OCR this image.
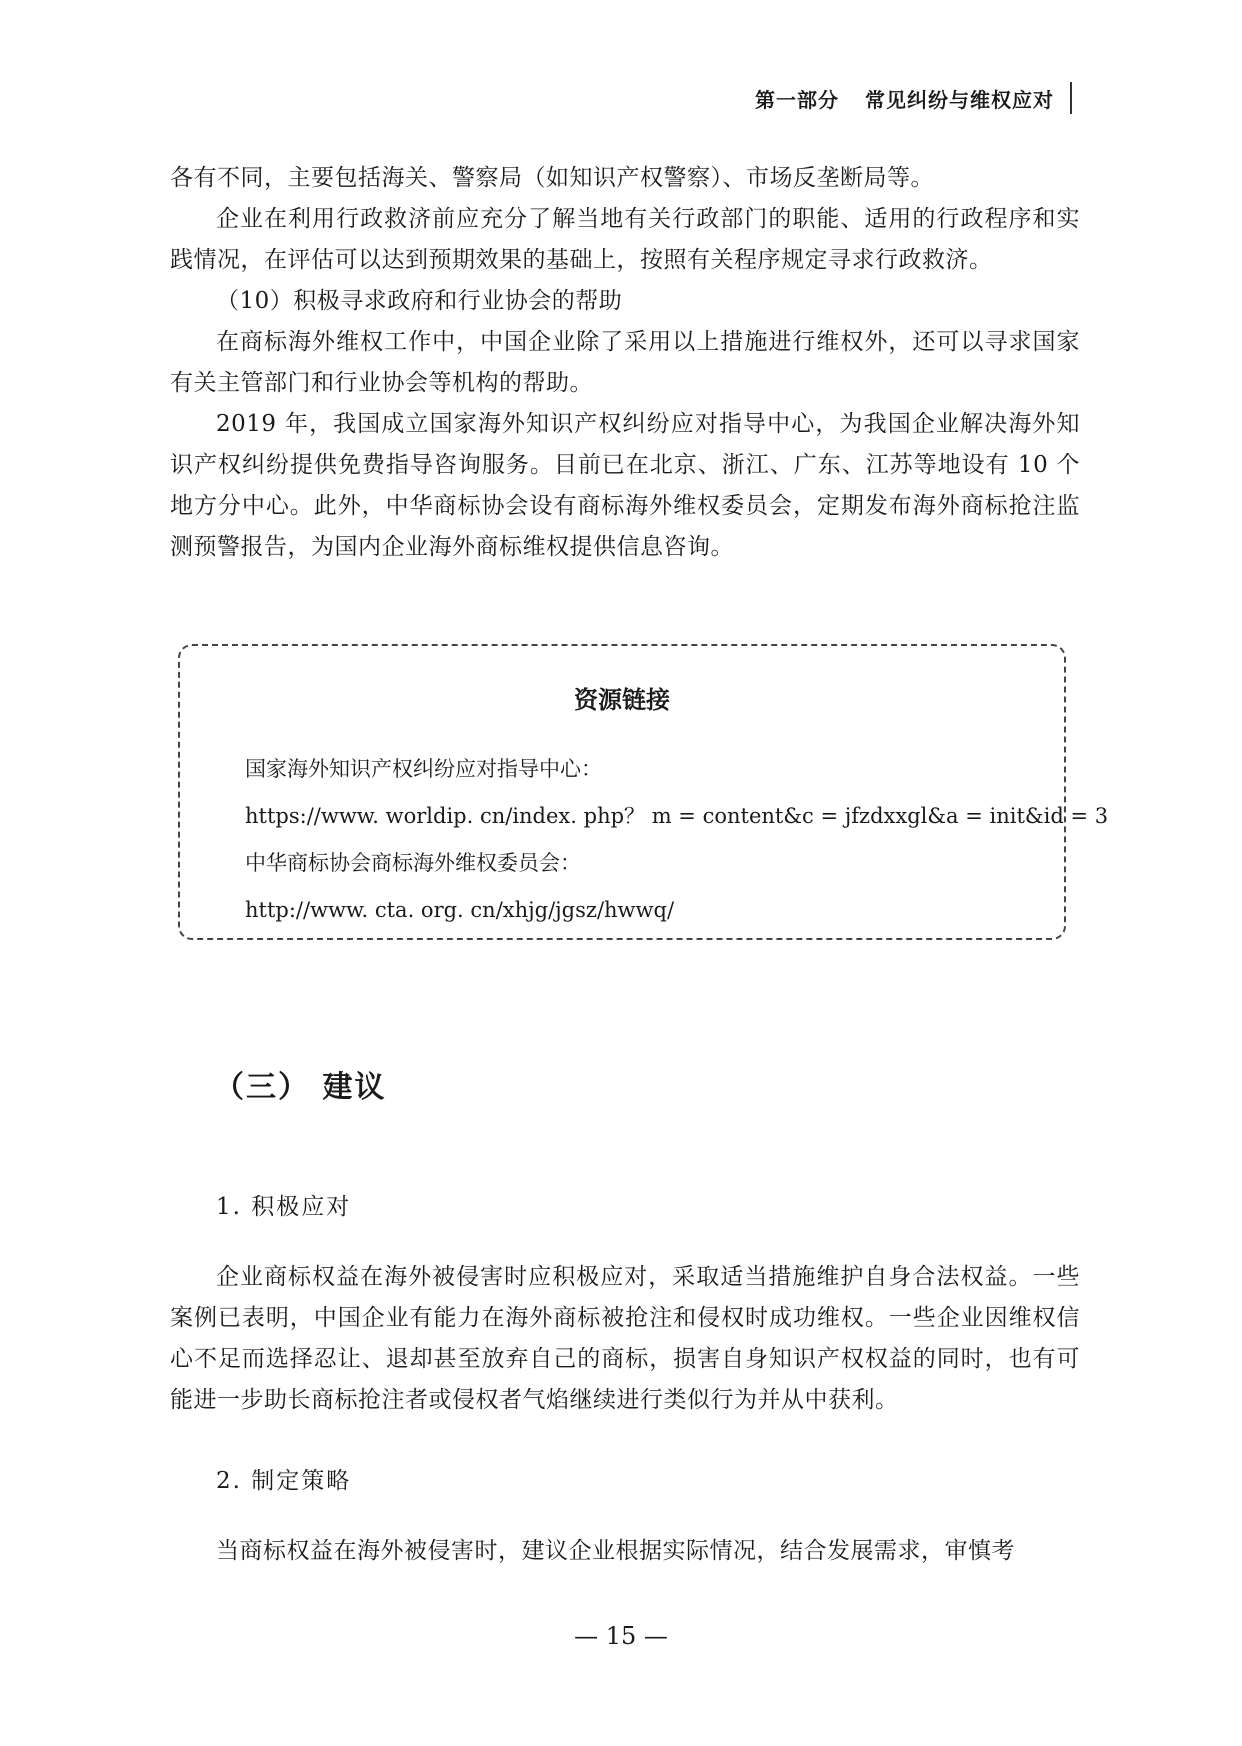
第一部分 常见纠纷与维权应对

各有不同，主要包括海关、警察局（如知识产权警察）、市场反垄断局等。

企业在利用行政救济前应充分了解当地有关行政部门的职能、适用的行政程序和实践情况，在评估可以达到预期效果的基础上，按照有关程序规定寻求行政救济。

（10）积极寻求政府和行业协会的帮助

在商标海外维权工作中，中国企业除了采用以上措施进行维权外，还可以寻求国家有关主管部门和行业协会等机构的帮助。

2019 年，我国成立国家海外知识产权纠纷应对指导中心，为我国企业解决海外知识产权纠纷提供免费指导咨询服务。目前已在北京、浙江、广东、江苏等地设有 10 个地方分中心。此外，中华商标协会设有商标海外维权委员会，定期发布海外商标抢注监测预警报告，为国内企业海外商标维权提供信息咨询。

资源链接
国家海外知识产权纠纷应对指导中心：
https://www. worldip. cn/index. php？ m = content&c = jfzdxxgl&a = init&id = 3
中华商标协会商标海外维权委员会：
http://www. cta. org. cn/xhjg/jgsz/hwwq/
（三） 建议
1. 积极应对

企业商标权益在海外被侵害时应积极应对，采取适当措施维护自身合法权益。一些案例已表明，中国企业有能力在海外商标被抢注和侵权时成功维权。一些企业因维权信心不足而选择忍让、退却甚至放弃自己的商标，损害自身知识产权权益的同时，也有可能进一步助长商标抢注者或侵权者气焰继续进行类似行为并从中获利。

2. 制定策略

当商标权益在海外被侵害时，建议企业根据实际情况，结合发展需求，审慎考

— 15 —
